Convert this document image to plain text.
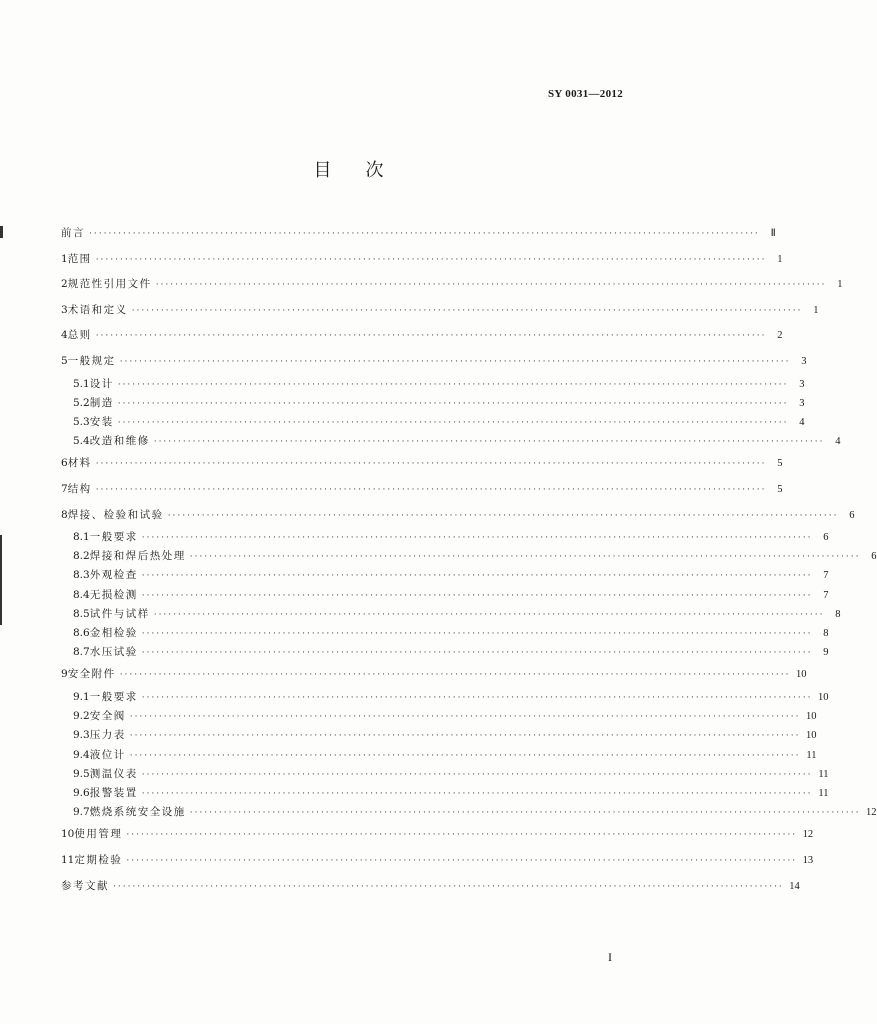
SY 0031—2012
目次
前言 ··········································································································································	Ⅱ
1 范围 ··········································································································································	1
2 规范性引用文件 ··········································································································································	1
3 术语和定义 ··········································································································································	1
4 总则 ··········································································································································	2
5 一般规定 ··········································································································································	3
5.1 设计 ··········································································································································	3
5.2 制造 ··········································································································································	3
5.3 安装 ··········································································································································	4
5.4 改造和维修 ··········································································································································	4
6 材料 ··········································································································································	5
7 结构 ··········································································································································	5
8 焊接、检验和试验 ··········································································································································	6
8.1 一般要求 ··········································································································································	6
8.2 焊接和焊后热处理 ··········································································································································	6
8.3 外观检查 ··········································································································································	7
8.4 无损检测 ··········································································································································	7
8.5 试件与试样 ··········································································································································	8
8.6 金相检验 ··········································································································································	8
8.7 水压试验 ··········································································································································	9
9 安全附件 ·········································································································································· 10
9.1 一般要求 ·········································································································································· 10
9.2 安全阀 ·········································································································································· 10
9.3 压力表 ·········································································································································· 10
9.4 液位计 ·········································································································································· 11
9.5 测温仪表 ·········································································································································· 11
9.6 报警装置 ·········································································································································· 11
9.7 燃烧系统安全设施 ·········································································································································· 12
10 使用管理 ·········································································································································· 12
11 定期检验 ·········································································································································· 13
参考文献 ·········································································································································· 14
I
